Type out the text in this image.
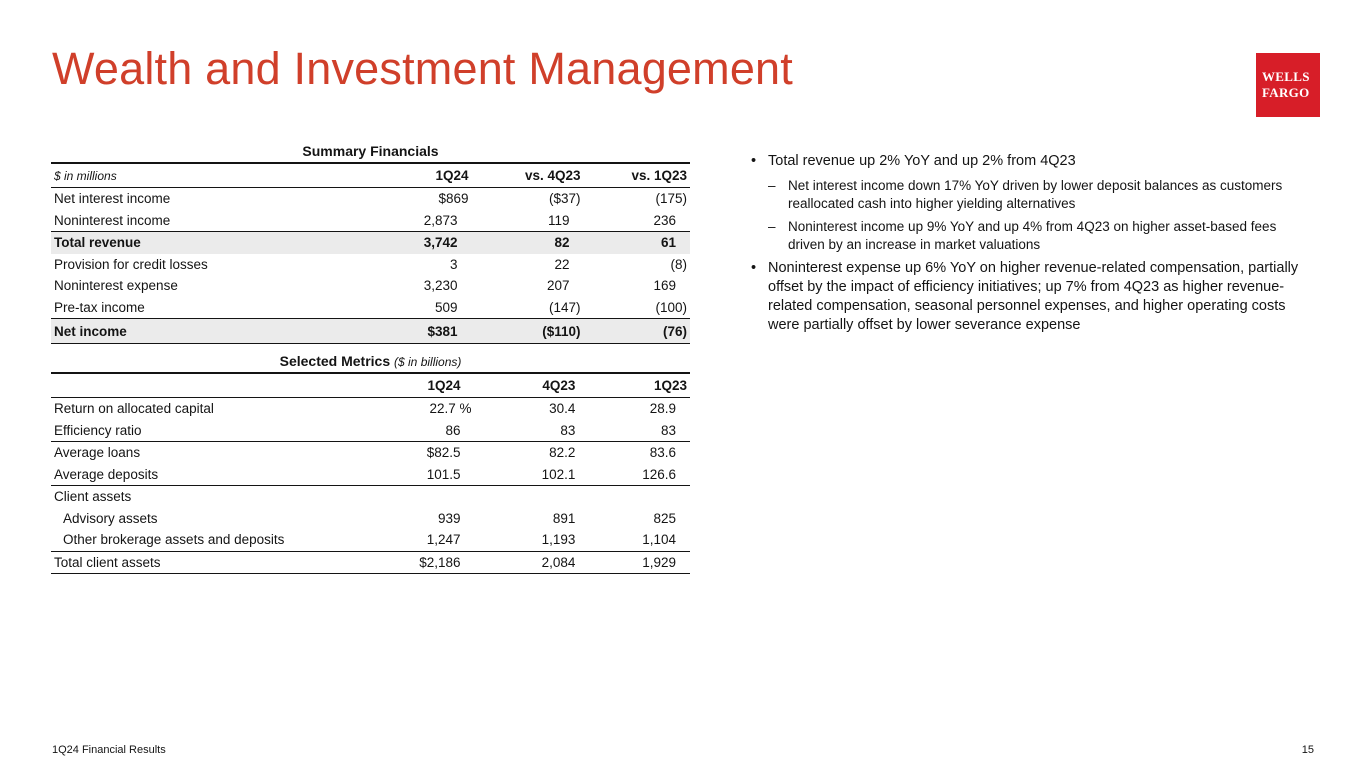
Wealth and Investment Management	WELLS
FARGO
Summary Financials
$ in millions	1Q24	vs. 4Q23	vs. 1Q23
Net interest income	$869	($37)	(175)
Noninterest income	2,873	119	236
Total revenue	3,742	82	61
Provision for credit losses	3	22	(8)
Noninterest expense	3,230	207	169
Pre-tax income	509	(147)	(100)
Net income	$381	($110)	(76)
Selected Metrics ($ in billions)
	1Q24	4Q23	1Q23
Return on allocated capital	22.7 %	30.4	28.9
Efficiency ratio	86	83	83
Average loans	$82.5	82.2	83.6
Average deposits	101.5	102.1	126.6
Client assets			
Advisory assets	939	891	825
Other brokerage assets and deposits	1,247	1,193	1,104
Total client assets	$2,186	2,084	1,929
• Total revenue up 2% YoY and up 2% from 4Q23
– Net interest income down 17% YoY driven by lower deposit balances as customers reallocated cash into higher yielding alternatives
– Noninterest income up 9% YoY and up 4% from 4Q23 on higher asset-based fees driven by an increase in market valuations
• Noninterest expense up 6% YoY on higher revenue-related compensation, partially offset by the impact of efficiency initiatives; up 7% from 4Q23 as higher revenue-related compensation, seasonal personnel expenses, and higher operating costs were partially offset by lower severance expense
1Q24 Financial Results	15
